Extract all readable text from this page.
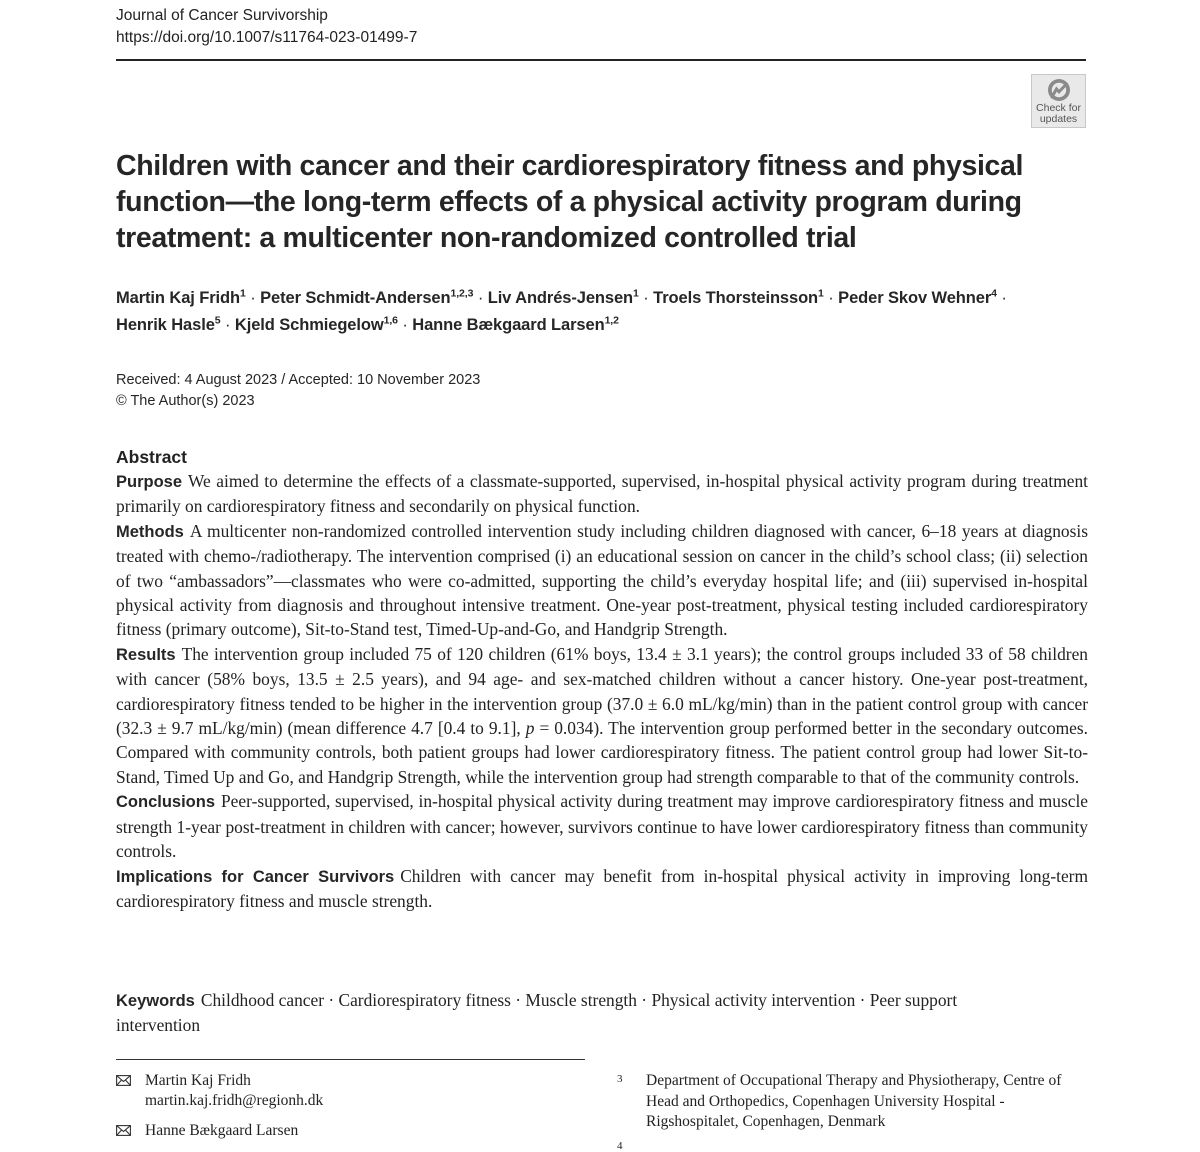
Journal of Cancer Survivorship
https://doi.org/10.1007/s11764-023-01499-7
Check for
updates
Children with cancer and their cardiorespiratory fitness and physical function—the long-term effects of a physical activity program during treatment: a multicenter non-randomized controlled trial
Martin Kaj Fridh$^1$ · Peter Schmidt-Andersen$^{1,2,3}$ · Liv Andrés-Jensen$^1$ · Troels Thorsteinsson$^1$ · Peder Skov Wehner$^4$ ·
Henrik Hasle$^5$ · Kjeld Schmiegelow$^{1,6}$ · Hanne Bækgaard Larsen$^{1,2}$
Received: 4 August 2023 / Accepted: 10 November 2023
© The Author(s) 2023
Abstract

Purpose We aimed to determine the effects of a classmate-supported, supervised, in-hospital physical activity program during treatment primarily on cardiorespiratory fitness and secondarily on physical function.

Methods A multicenter non-randomized controlled intervention study including children diagnosed with cancer, 6–18 years at diagnosis treated with chemo-/radiotherapy. The intervention comprised (i) an educational session on cancer in the child’s school class; (ii) selection of two “ambassadors”—classmates who were co-admitted, supporting the child’s everyday hospital life; and (iii) supervised in-hospital physical activity from diagnosis and throughout intensive treatment. One-year post-treatment, physical testing included cardiorespiratory fitness (primary outcome), Sit-to-Stand test, Timed-Up-and-Go, and Handgrip Strength.

Results The intervention group included 75 of 120 children (61% boys, 13.4 ± 3.1 years); the control groups included 33 of 58 children with cancer (58% boys, 13.5 ± 2.5 years), and 94 age- and sex-matched children without a cancer history. One-year post-treatment, cardiorespiratory fitness tended to be higher in the intervention group (37.0 ± 6.0 mL/kg/min) than in the patient control group with cancer (32.3 ± 9.7 mL/kg/min) (mean difference 4.7 [0.4 to 9.1], p = 0.034). The intervention group performed better in the secondary outcomes. Compared with community controls, both patient groups had lower cardiorespiratory fitness. The patient control group had lower Sit-to-Stand, Timed Up and Go, and Handgrip Strength, while the intervention group had strength comparable to that of the community controls.

Conclusions Peer-supported, supervised, in-hospital physical activity during treatment may improve cardiorespiratory fitness and muscle strength 1-year post-treatment in children with cancer; however, survivors continue to have lower cardiorespiratory fitness than community controls.

Implications for Cancer Survivors Children with cancer may benefit from in-hospital physical activity in improving long-term cardiorespiratory fitness and muscle strength.

Keywords Childhood cancer · Cardiorespiratory fitness · Muscle strength · Physical activity intervention · Peer support intervention
Martin Kaj Fridh
martin.kaj.fridh@regionh.dk
Hanne Bækgaard Larsen
3 Department of Occupational Therapy and Physiotherapy, Centre of Head and Orthopedics, Copenhagen University Hospital - Rigshospitalet, Copenhagen, Denmark
4
